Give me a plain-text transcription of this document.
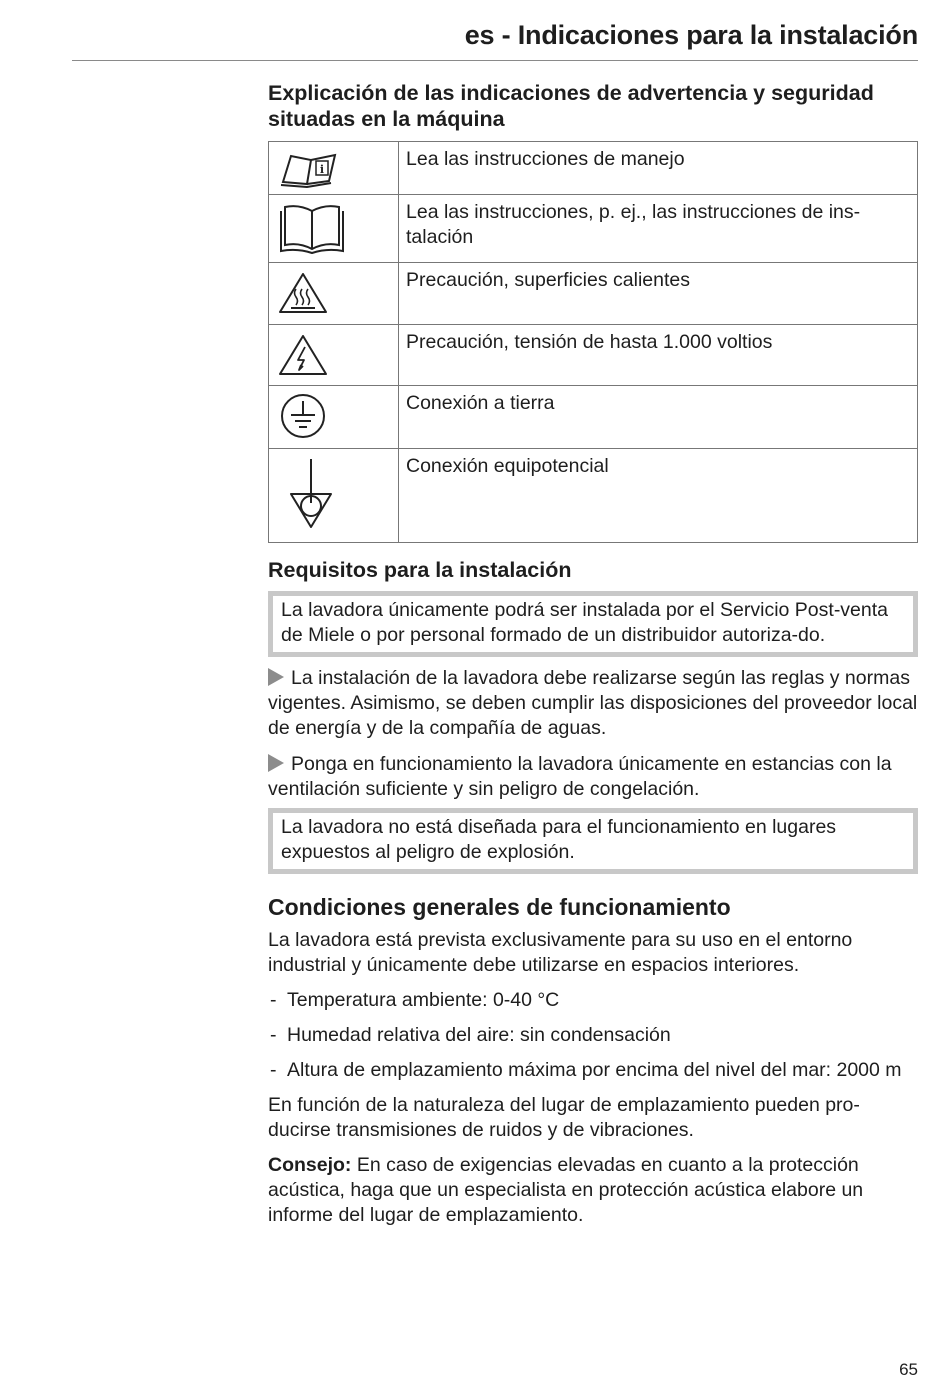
es - Indicaciones para la instalación
Explicación de las indicaciones de advertencia y seguridad situadas en la máquina
i	Lea las instrucciones de manejo

	Lea las instrucciones, p. ej., las instrucciones de ins-talación

	Precaución, superficies calientes

	Precaución, tensión de hasta 1.000 voltios

	Conexión a tierra

	Conexión equipotencial
Requisitos para la instalación

La lavadora únicamente podrá ser instalada por el Servicio Post-venta de Miele o por personal formado de un distribuidor autoriza-do.

La instalación de la lavadora debe realizarse según las reglas y normas vigentes. Asimismo, se deben cumplir las disposiciones del proveedor local de energía y de la compañía de aguas.

Ponga en funcionamiento la lavadora únicamente en estancias con la ventilación suficiente y sin peligro de congelación.

La lavadora no está diseñada para el funcionamiento en lugares expuestos al peligro de explosión.

Condiciones generales de funcionamiento

La lavadora está prevista exclusivamente para su uso en el entorno industrial y únicamente debe utilizarse en espacios interiores.

- Temperatura ambiente: 0-40 °C
- Humedad relativa del aire: sin condensación
- Altura de emplazamiento máxima por encima del nivel del mar: 2000 m

En función de la naturaleza del lugar de emplazamiento pueden pro-ducirse transmisiones de ruidos y de vibraciones.

Consejo: En caso de exigencias elevadas en cuanto a la protección acústica, haga que un especialista en protección acústica elabore un informe del lugar de emplazamiento.

65
